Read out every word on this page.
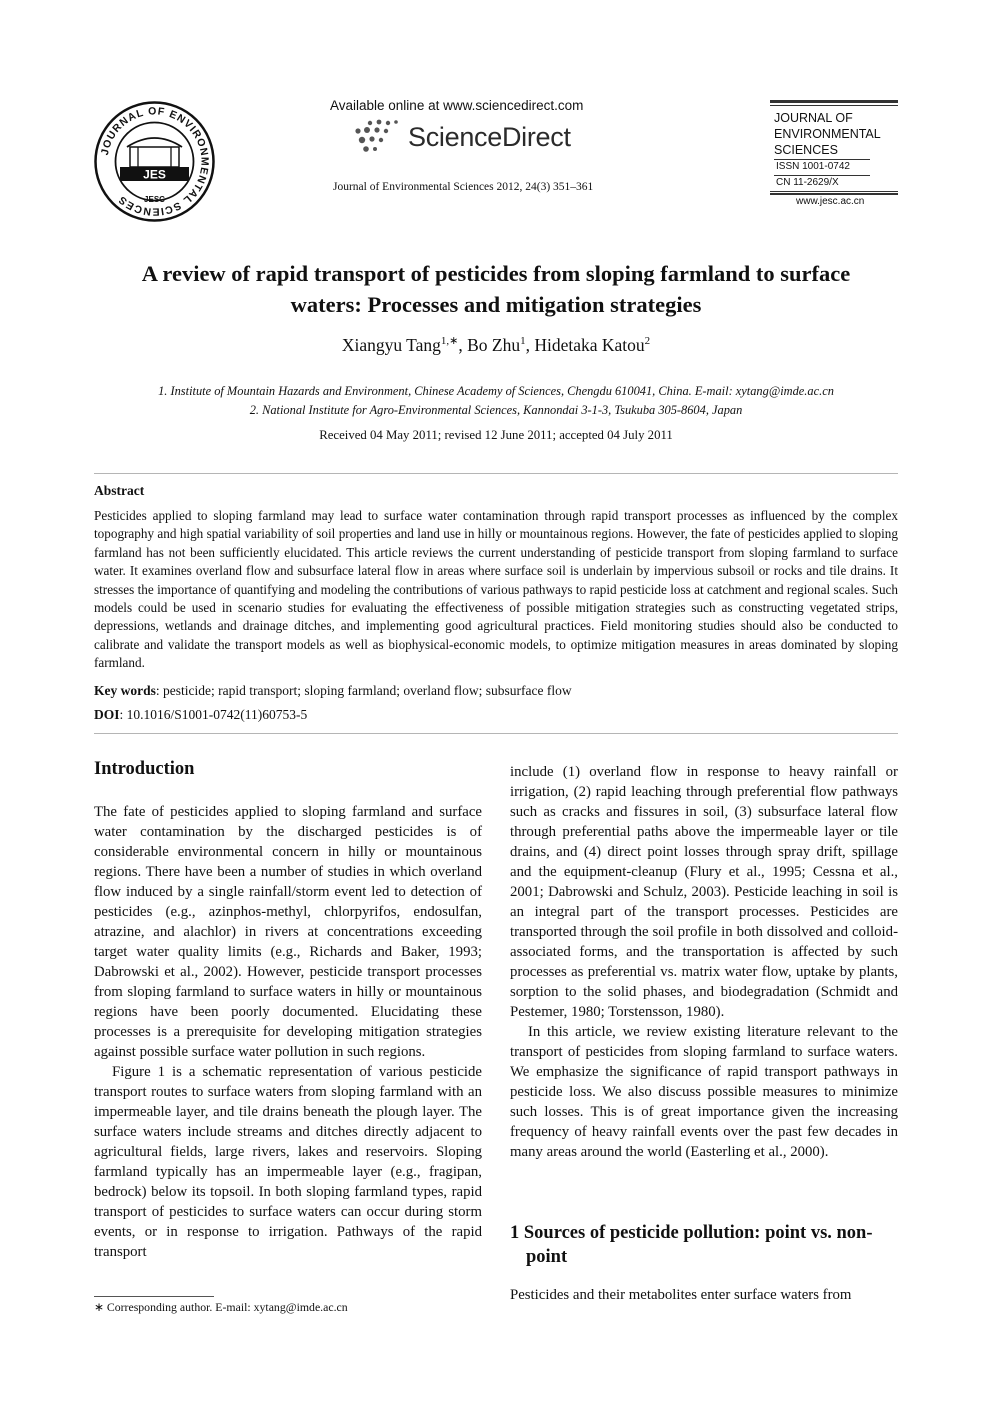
JOURNAL OF ENVIRONMENTAL SCIENCES
JES
JESC
Available online at www.sciencedirect.com
ScienceDirect
Journal of Environmental Sciences 2012, 24(3) 351–361
JOURNAL OF
ENVIRONMENTAL
SCIENCES
ISSN 1001-0742
CN 11-2629/X
www.jesc.ac.cn
A review of rapid transport of pesticides from sloping farmland to surface
waters: Processes and mitigation strategies
Xiangyu Tang$^{1,∗}$, Bo Zhu$^1$, Hidetaka Katou$^2$
1. Institute of Mountain Hazards and Environment, Chinese Academy of Sciences, Chengdu 610041, China. E-mail: xytang@imde.ac.cn
2. National Institute for Agro-Environmental Sciences, Kannondai 3-1-3, Tsukuba 305-8604, Japan
Received 04 May 2011; revised 12 June 2011; accepted 04 July 2011
Abstract
Pesticides applied to sloping farmland may lead to surface water contamination through rapid transport processes as influenced by the complex topography and high spatial variability of soil properties and land use in hilly or mountainous regions. However, the fate of pesticides applied to sloping farmland has not been sufficiently elucidated. This article reviews the current understanding of pesticide transport from sloping farmland to surface water. It examines overland flow and subsurface lateral flow in areas where surface soil is underlain by impervious subsoil or rocks and tile drains. It stresses the importance of quantifying and modeling the contributions of various pathways to rapid pesticide loss at catchment and regional scales. Such models could be used in scenario studies for evaluating the effectiveness of possible mitigation strategies such as constructing vegetated strips, depressions, wetlands and drainage ditches, and implementing good agricultural practices. Field monitoring studies should also be conducted to calibrate and validate the transport models as well as biophysical-economic models, to optimize mitigation measures in areas dominated by sloping farmland.
Key words: pesticide; rapid transport; sloping farmland; overland flow; subsurface flow
DOI: 10.1016/S1001-0742(11)60753-5
Introduction

The fate of pesticides applied to sloping farmland and surface water contamination by the discharged pesticides is of considerable environmental concern in hilly or mountainous regions. There have been a number of studies in which overland flow induced by a single rainfall/storm event led to detection of pesticides (e.g., azinphos-methyl, chlorpyrifos, endosulfan, atrazine, and alachlor) in rivers at concentrations exceeding target water quality limits (e.g., Richards and Baker, 1993; Dabrowski et al., 2002). However, pesticide transport processes from sloping farmland to surface waters in hilly or mountainous regions have been poorly documented. Elucidating these processes is a prerequisite for developing mitigation strategies against possible surface water pollution in such regions.

Figure 1 is a schematic representation of various pesticide transport routes to surface waters from sloping farmland with an impermeable layer, and tile drains beneath the plough layer. The surface waters include streams and ditches directly adjacent to agricultural fields, large rivers, lakes and reservoirs. Sloping farmland typically has an impermeable layer (e.g., fragipan, bedrock) below its topsoil. In both sloping farmland types, rapid transport of pesticides to surface waters can occur during storm events, or in response to irrigation. Pathways of the rapid transport

include (1) overland flow in response to heavy rainfall or irrigation, (2) rapid leaching through preferential flow pathways such as cracks and fissures in soil, (3) subsurface lateral flow through preferential paths above the impermeable layer or tile drains, and (4) direct point losses through spray drift, spillage and the equipment-cleanup (Flury et al., 1995; Cessna et al., 2001; Dabrowski and Schulz, 2003). Pesticide leaching in soil is an integral part of the transport processes. Pesticides are transported through the soil profile in both dissolved and colloid-associated forms, and the transportation is affected by such processes as preferential vs. matrix water flow, uptake by plants, sorption to the solid phases, and biodegradation (Schmidt and Pestemer, 1980; Torstensson, 1980).

In this article, we review existing literature relevant to the transport of pesticides from sloping farmland to surface waters. We emphasize the significance of rapid transport pathways in pesticide loss. We also discuss possible measures to minimize such losses. This is of great importance given the increasing frequency of heavy rainfall events over the past few decades in many areas around the world (Easterling et al., 2000).

1 Sources of pesticide pollution: point vs. non-point
Pesticides and their metabolites enter surface waters from
∗ Corresponding author. E-mail: xytang@imde.ac.cn
